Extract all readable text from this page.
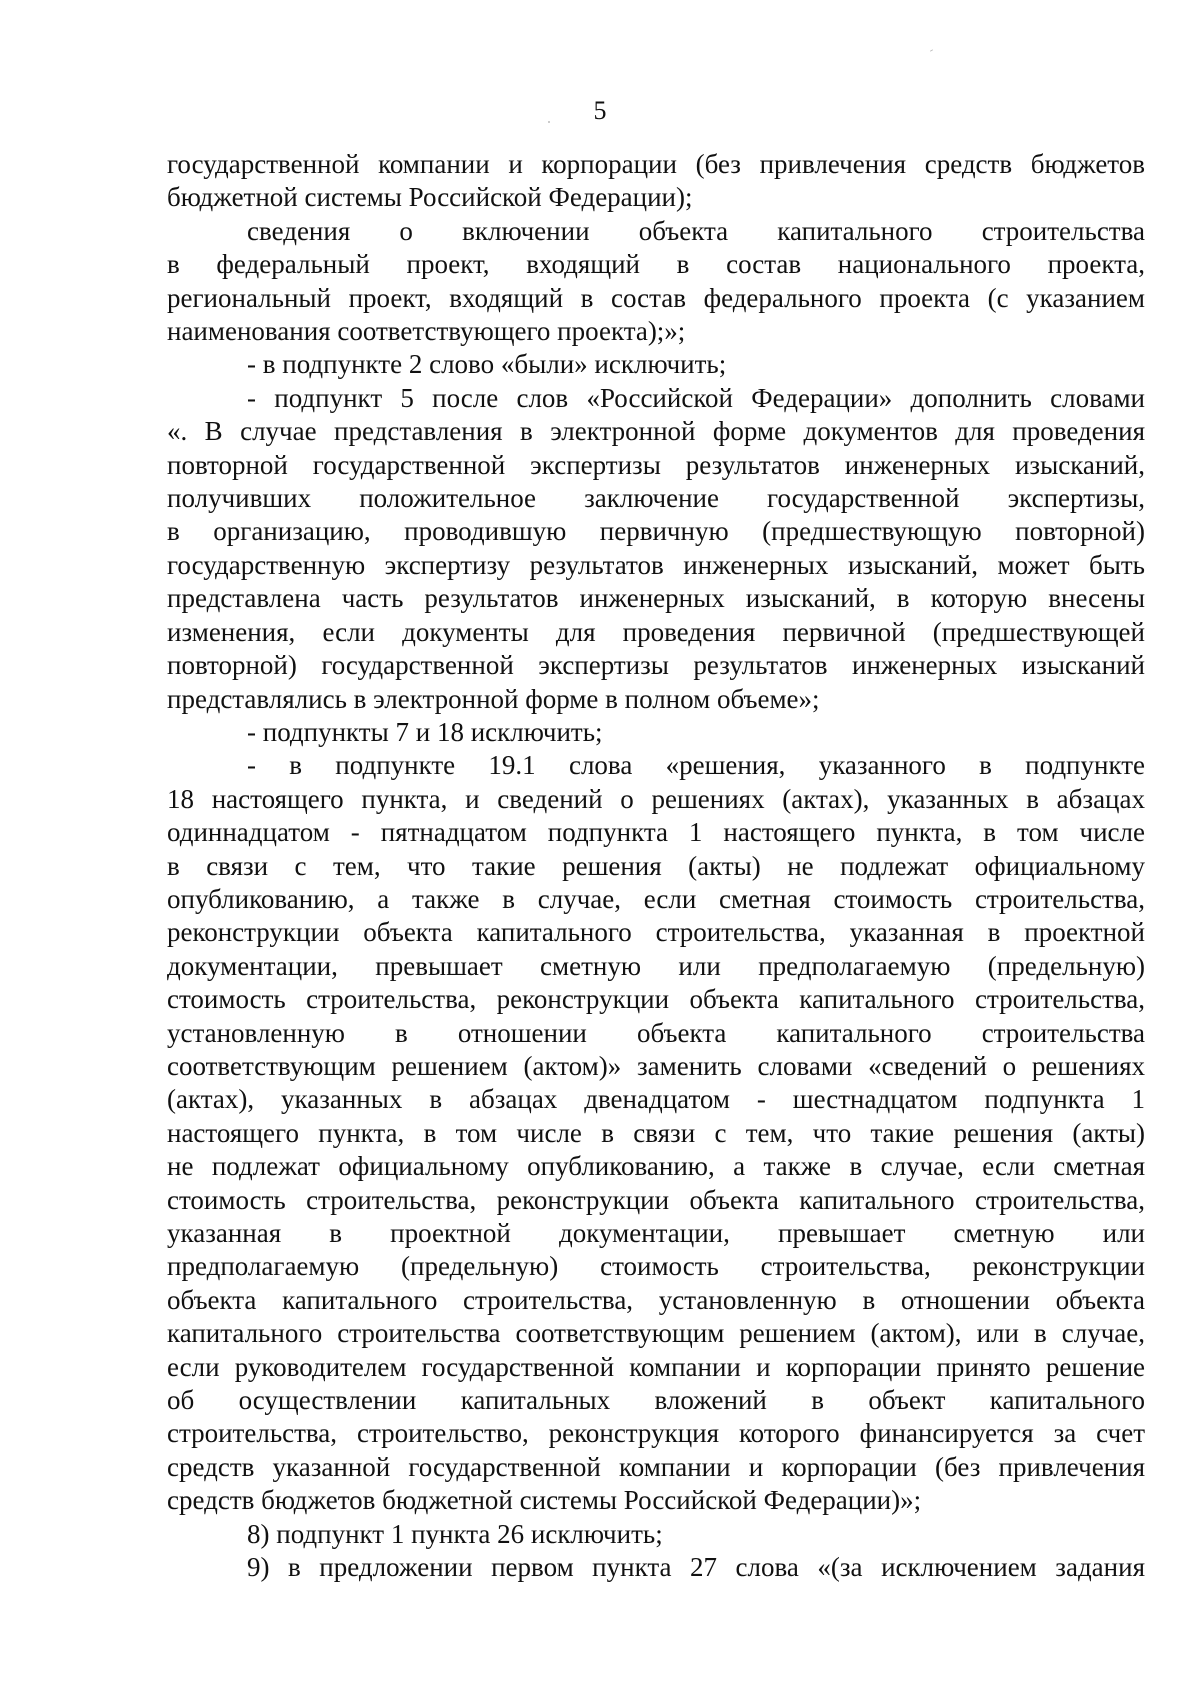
5
государственной компании и корпорации (без привлечения средств бюджетов
бюджетной системы Российской Федерации);
сведения о включении объекта капитального строительства
в федеральный проект, входящий в состав национального проекта,
региональный проект, входящий в состав федерального проекта (с указанием
наименования соответствующего проекта);»;
- в подпункте 2 слово «были» исключить;
- подпункт 5 после слов «Российской Федерации» дополнить словами
«. В случае представления в электронной форме документов для проведения
повторной государственной экспертизы результатов инженерных изысканий,
получивших положительное заключение государственной экспертизы,
в организацию, проводившую первичную (предшествующую повторной)
государственную экспертизу результатов инженерных изысканий, может быть
представлена часть результатов инженерных изысканий, в которую внесены
изменения, если документы для проведения первичной (предшествующей
повторной) государственной экспертизы результатов инженерных изысканий
представлялись в электронной форме в полном объеме»;
- подпункты 7 и 18 исключить;
- в подпункте 19.1 слова «решения, указанного в подпункте
18 настоящего пункта, и сведений о решениях (актах), указанных в абзацах
одиннадцатом - пятнадцатом подпункта 1 настоящего пункта, в том числе
в связи с тем, что такие решения (акты) не подлежат официальному
опубликованию, а также в случае, если сметная стоимость строительства,
реконструкции объекта капитального строительства, указанная в проектной
документации, превышает сметную или предполагаемую (предельную)
стоимость строительства, реконструкции объекта капитального строительства,
установленную в отношении объекта капитального строительства
соответствующим решением (актом)» заменить словами «сведений о решениях
(актах), указанных в абзацах двенадцатом - шестнадцатом подпункта 1
настоящего пункта, в том числе в связи с тем, что такие решения (акты)
не подлежат официальному опубликованию, а также в случае, если сметная
стоимость строительства, реконструкции объекта капитального строительства,
указанная в проектной документации, превышает сметную или
предполагаемую (предельную) стоимость строительства, реконструкции
объекта капитального строительства, установленную в отношении объекта
капитального строительства соответствующим решением (актом), или в случае,
если руководителем государственной компании и корпорации принято решение
об осуществлении капитальных вложений в объект капитального
строительства, строительство, реконструкция которого финансируется за счет
средств указанной государственной компании и корпорации (без привлечения
средств бюджетов бюджетной системы Российской Федерации)»;
8) подпункт 1 пункта 26 исключить;
9) в предложении первом пункта 27 слова «(за исключением задания
